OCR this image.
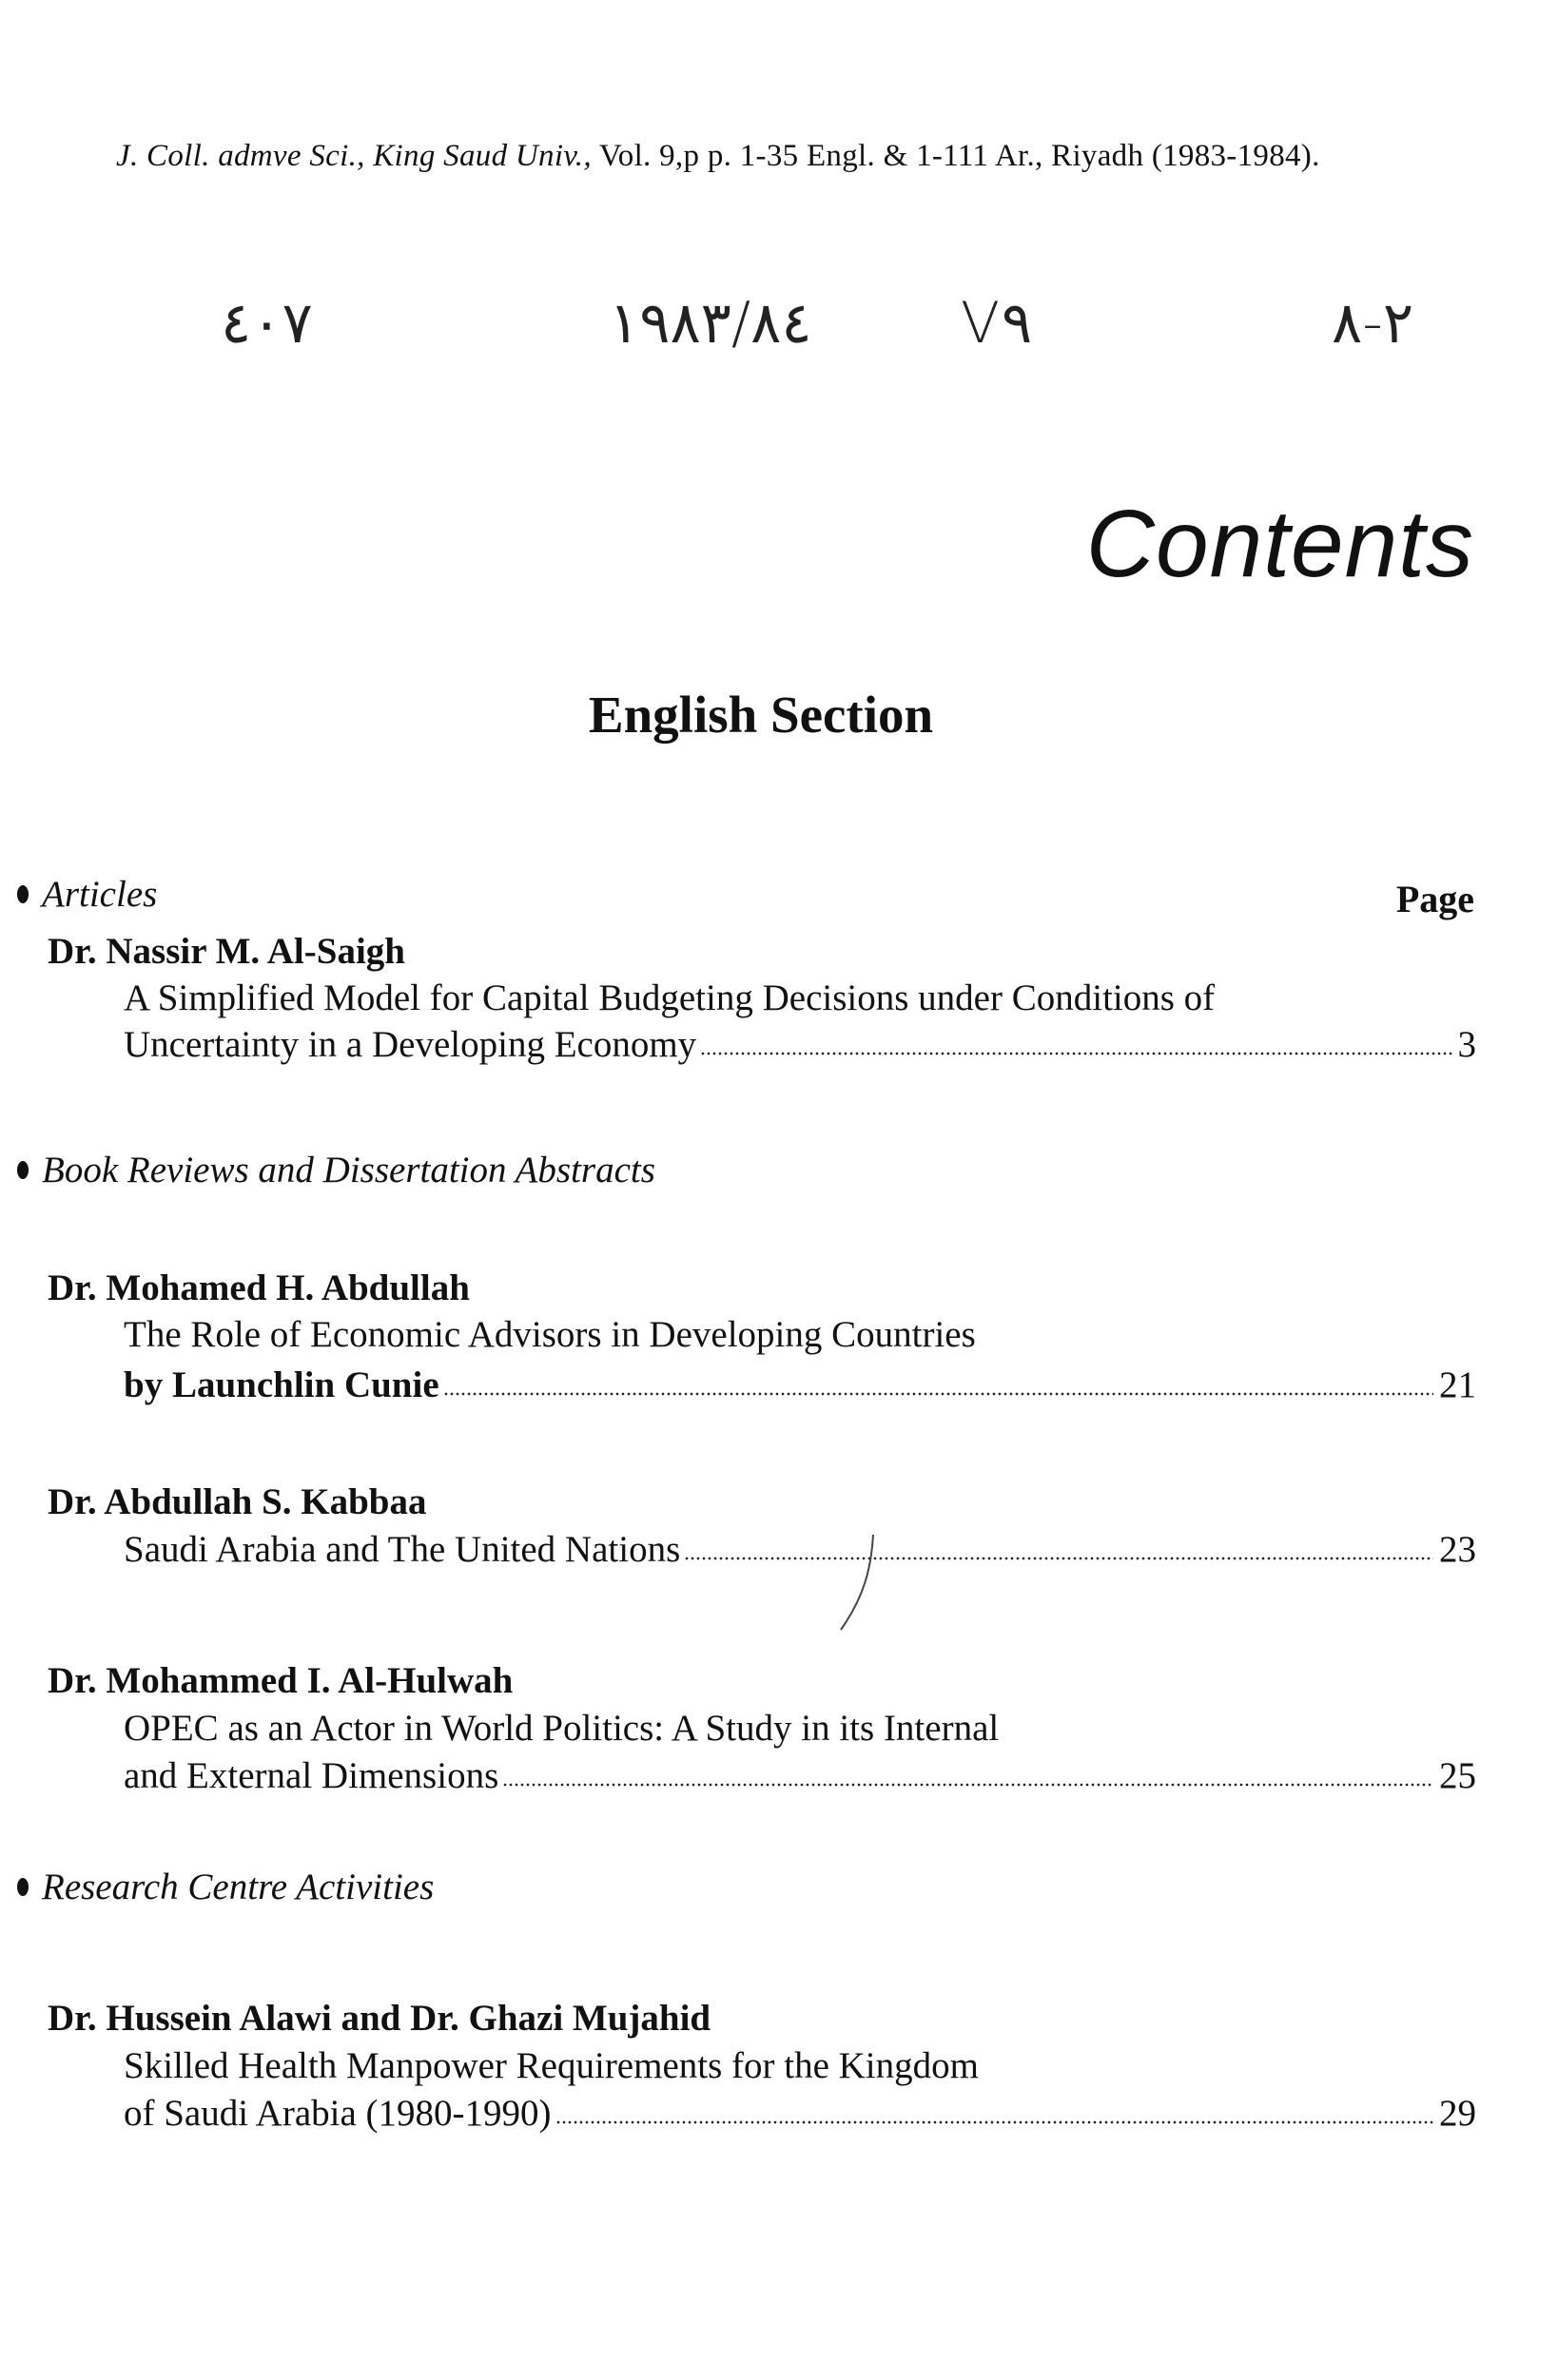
J. Coll. admve Sci., King Saud Univ., Vol. 9,p p. 1-35 Engl. & 1-111 Ar., Riyadh (1983-1984).
٤٠٧	١٩٨٣/٨٤	V٩	٢-٨
Contents
English Section
Articles	Page
Dr. Nassir M. Al-Saigh
A Simplified Model for Capital Budgeting Decisions under Conditions of
Uncertainty in a Developing Economy	3
Book Reviews and Dissertation Abstracts
Dr. Mohamed H. Abdullah
The Role of Economic Advisors in Developing Countries
by Launchlin Cunie	21
Dr. Abdullah S. Kabbaa
Saudi Arabia and The United Nations	23
Dr. Mohammed I. Al-Hulwah
OPEC as an Actor in World Politics: A Study in its Internal
and External Dimensions	25
Research Centre Activities
Dr. Hussein Alawi and Dr. Ghazi Mujahid
Skilled Health Manpower Requirements for the Kingdom
of Saudi Arabia (1980-1990)	29
